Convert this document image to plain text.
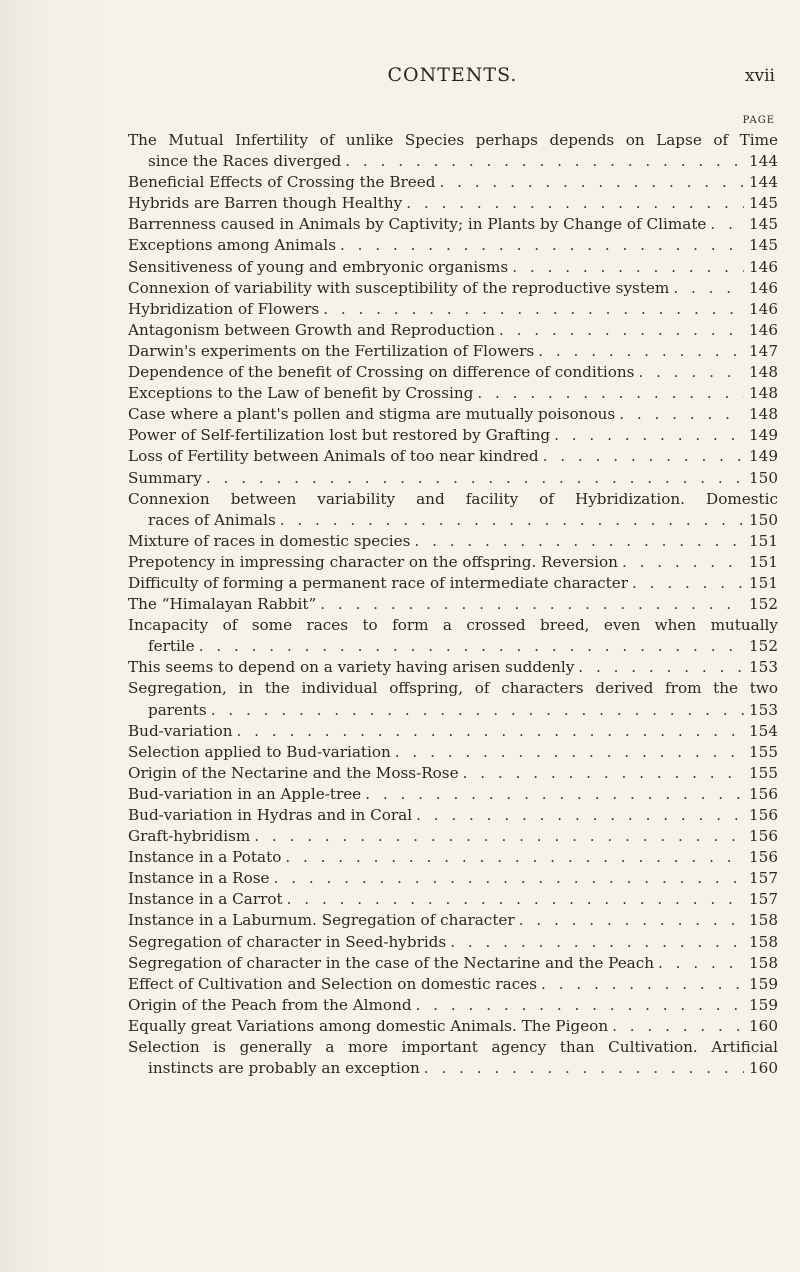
CONTENTS.	xvii
PAGE
The Mutual Infertility of unlike Species perhaps depends on Lapse of Time
since the Races diverged . . .	144
Beneficial Effects of Crossing the Breed . . .	144
Hybrids are Barren though Healthy . . .	145
Barrenness caused in Animals by Captivity; in Plants by Change of Climate . . .	145
Exceptions among Animals . . .	145
Sensitiveness of young and embryonic organisms . . .	146
Connexion of variability with susceptibility of the reproductive system . . .	146
Hybridization of Flowers . . .	146
Antagonism between Growth and Reproduction . . .	146
Darwin's experiments on the Fertilization of Flowers . . .	147
Dependence of the benefit of Crossing on difference of conditions . . .	148
Exceptions to the Law of benefit by Crossing . . .	148
Case where a plant's pollen and stigma are mutually poisonous . . .	148
Power of Self-fertilization lost but restored by Grafting . . .	149
Loss of Fertility between Animals of too near kindred . . .	149
Summary . . .	150
Connexion between variability and facility of Hybridization. Domestic
races of Animals . . .	150
Mixture of races in domestic species . . .	151
Prepotency in impressing character on the offspring. Reversion . . .	151
Difficulty of forming a permanent race of intermediate character . . .	151
The “Himalayan Rabbit” . . .	152
Incapacity of some races to form a crossed breed, even when mutually
fertile . . .	152
This seems to depend on a variety having arisen suddenly . . .	153
Segregation, in the individual offspring, of characters derived from the two
parents . . .	153
Bud-variation . . .	154
Selection applied to Bud-variation . . .	155
Origin of the Nectarine and the Moss-Rose . . .	155
Bud-variation in an Apple-tree . . .	156
Bud-variation in Hydras and in Coral . . .	156
Graft-hybridism . . .	156
Instance in a Potato . . .	156
Instance in a Rose . . .	157
Instance in a Carrot . . .	157
Instance in a Laburnum. Segregation of character . . .	158
Segregation of character in Seed-hybrids . . .	158
Segregation of character in the case of the Nectarine and the Peach . . .	158
Effect of Cultivation and Selection on domestic races . . .	159
Origin of the Peach from the Almond . . .	159
Equally great Variations among domestic Animals. The Pigeon . . .	160
Selection is generally a more important agency than Cultivation. Artificial
instincts are probably an exception . . .	160
